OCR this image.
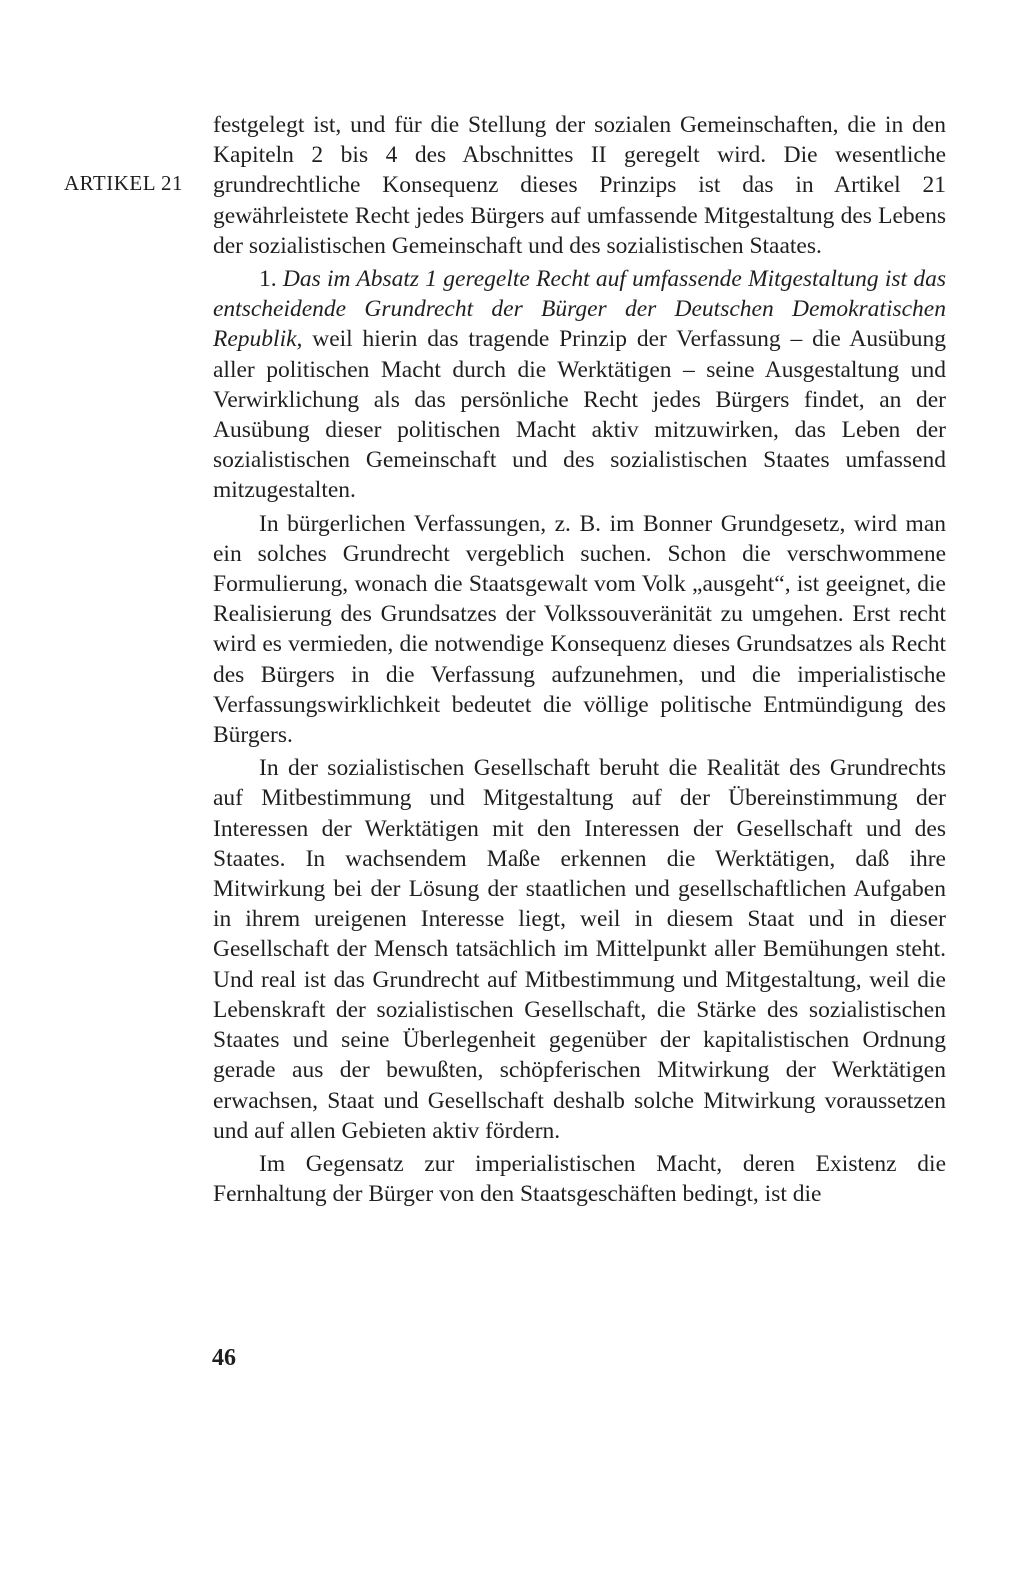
ARTIKEL 21

festgelegt ist, und für die Stellung der sozialen Gemeinschaften, die in den Kapiteln 2 bis 4 des Abschnittes II geregelt wird. Die wesentliche grundrechtliche Konsequenz dieses Prinzips ist das in Artikel 21 gewährleistete Recht jedes Bürgers auf umfassende Mitgestaltung des Lebens der sozialistischen Gemeinschaft und des sozialistischen Staates.

1. Das im Absatz 1 geregelte Recht auf umfassende Mitgestaltung ist das entscheidende Grundrecht der Bürger der Deutschen Demokratischen Republik, weil hierin das tragende Prinzip der Verfassung – die Ausübung aller politischen Macht durch die Werktätigen – seine Ausgestaltung und Verwirklichung als das persönliche Recht jedes Bürgers findet, an der Ausübung dieser politischen Macht aktiv mitzuwirken, das Leben der sozialistischen Gemeinschaft und des sozialistischen Staates umfassend mitzugestalten.

In bürgerlichen Verfassungen, z. B. im Bonner Grundgesetz, wird man ein solches Grundrecht vergeblich suchen. Schon die verschwommene Formulierung, wonach die Staatsgewalt vom Volk „ausgeht“, ist geeignet, die Realisierung des Grundsatzes der Volkssouveränität zu umgehen. Erst recht wird es vermieden, die notwendige Konsequenz dieses Grundsatzes als Recht des Bürgers in die Verfassung aufzunehmen, und die imperialistische Verfassungswirklichkeit bedeutet die völlige politische Entmündigung des Bürgers.

In der sozialistischen Gesellschaft beruht die Realität des Grundrechts auf Mitbestimmung und Mitgestaltung auf der Übereinstimmung der Interessen der Werktätigen mit den Interessen der Gesellschaft und des Staates. In wachsendem Maße erkennen die Werktätigen, daß ihre Mitwirkung bei der Lösung der staatlichen und gesellschaftlichen Aufgaben in ihrem ureigenen Interesse liegt, weil in diesem Staat und in dieser Gesellschaft der Mensch tatsächlich im Mittelpunkt aller Bemühungen steht. Und real ist das Grundrecht auf Mitbestimmung und Mitgestaltung, weil die Lebenskraft der sozialistischen Gesellschaft, die Stärke des sozialistischen Staates und seine Überlegenheit gegenüber der kapitalistischen Ordnung gerade aus der bewußten, schöpferischen Mitwirkung der Werktätigen erwachsen, Staat und Gesellschaft deshalb solche Mitwirkung voraussetzen und auf allen Gebieten aktiv fördern.

Im Gegensatz zur imperialistischen Macht, deren Existenz die Fernhaltung der Bürger von den Staatsgeschäften bedingt, ist die

46
